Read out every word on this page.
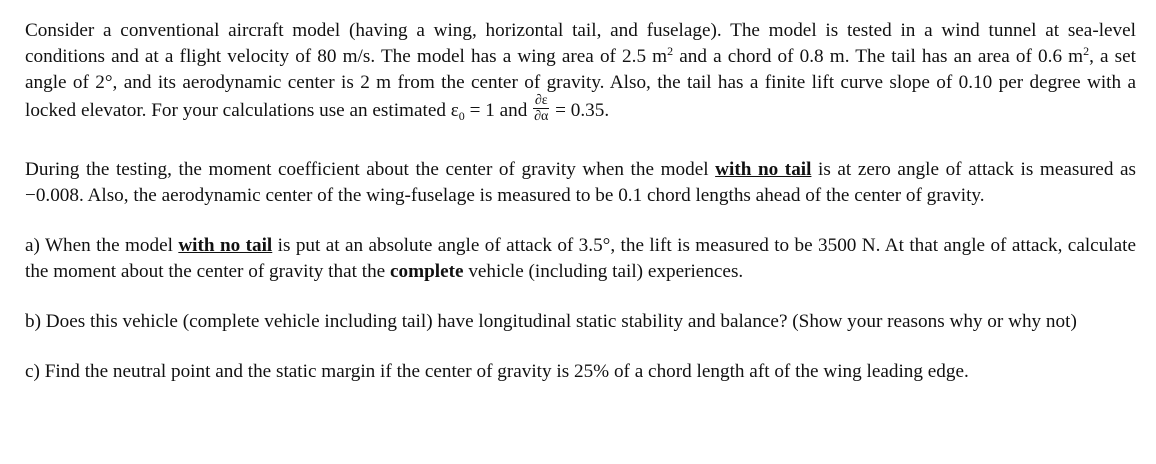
Consider a conventional aircraft model (having a wing, horizontal tail, and fuselage). The model is tested in a wind tunnel at sea-level conditions and at a flight velocity of 80 m/s. The model has a wing area of 2.5 $m^2$ and a chord of 0.8 m. The tail has an area of 0.6 $m^2$, a set angle of 2°, and its aerodynamic center is 2 m from the center of gravity. Also, the tail has a finite lift curve slope of 0.10 per degree with a locked elevator. For your calculations use an estimated $\varepsilon_0 = 1$ and $\frac{\partial\varepsilon}{\partial\alpha} = 0.35$.

During the testing, the moment coefficient about the center of gravity when the model with no tail is at zero angle of attack is measured as −0.008. Also, the aerodynamic center of the wing-fuselage is measured to be 0.1 chord lengths ahead of the center of gravity.

a) When the model with no tail is put at an absolute angle of attack of 3.5°, the lift is measured to be 3500 N. At that angle of attack, calculate the moment about the center of gravity that the complete vehicle (including tail) experiences.

b) Does this vehicle (complete vehicle including tail) have longitudinal static stability and balance? (Show your reasons why or why not)

c) Find the neutral point and the static margin if the center of gravity is 25% of a chord length aft of the wing leading edge.
